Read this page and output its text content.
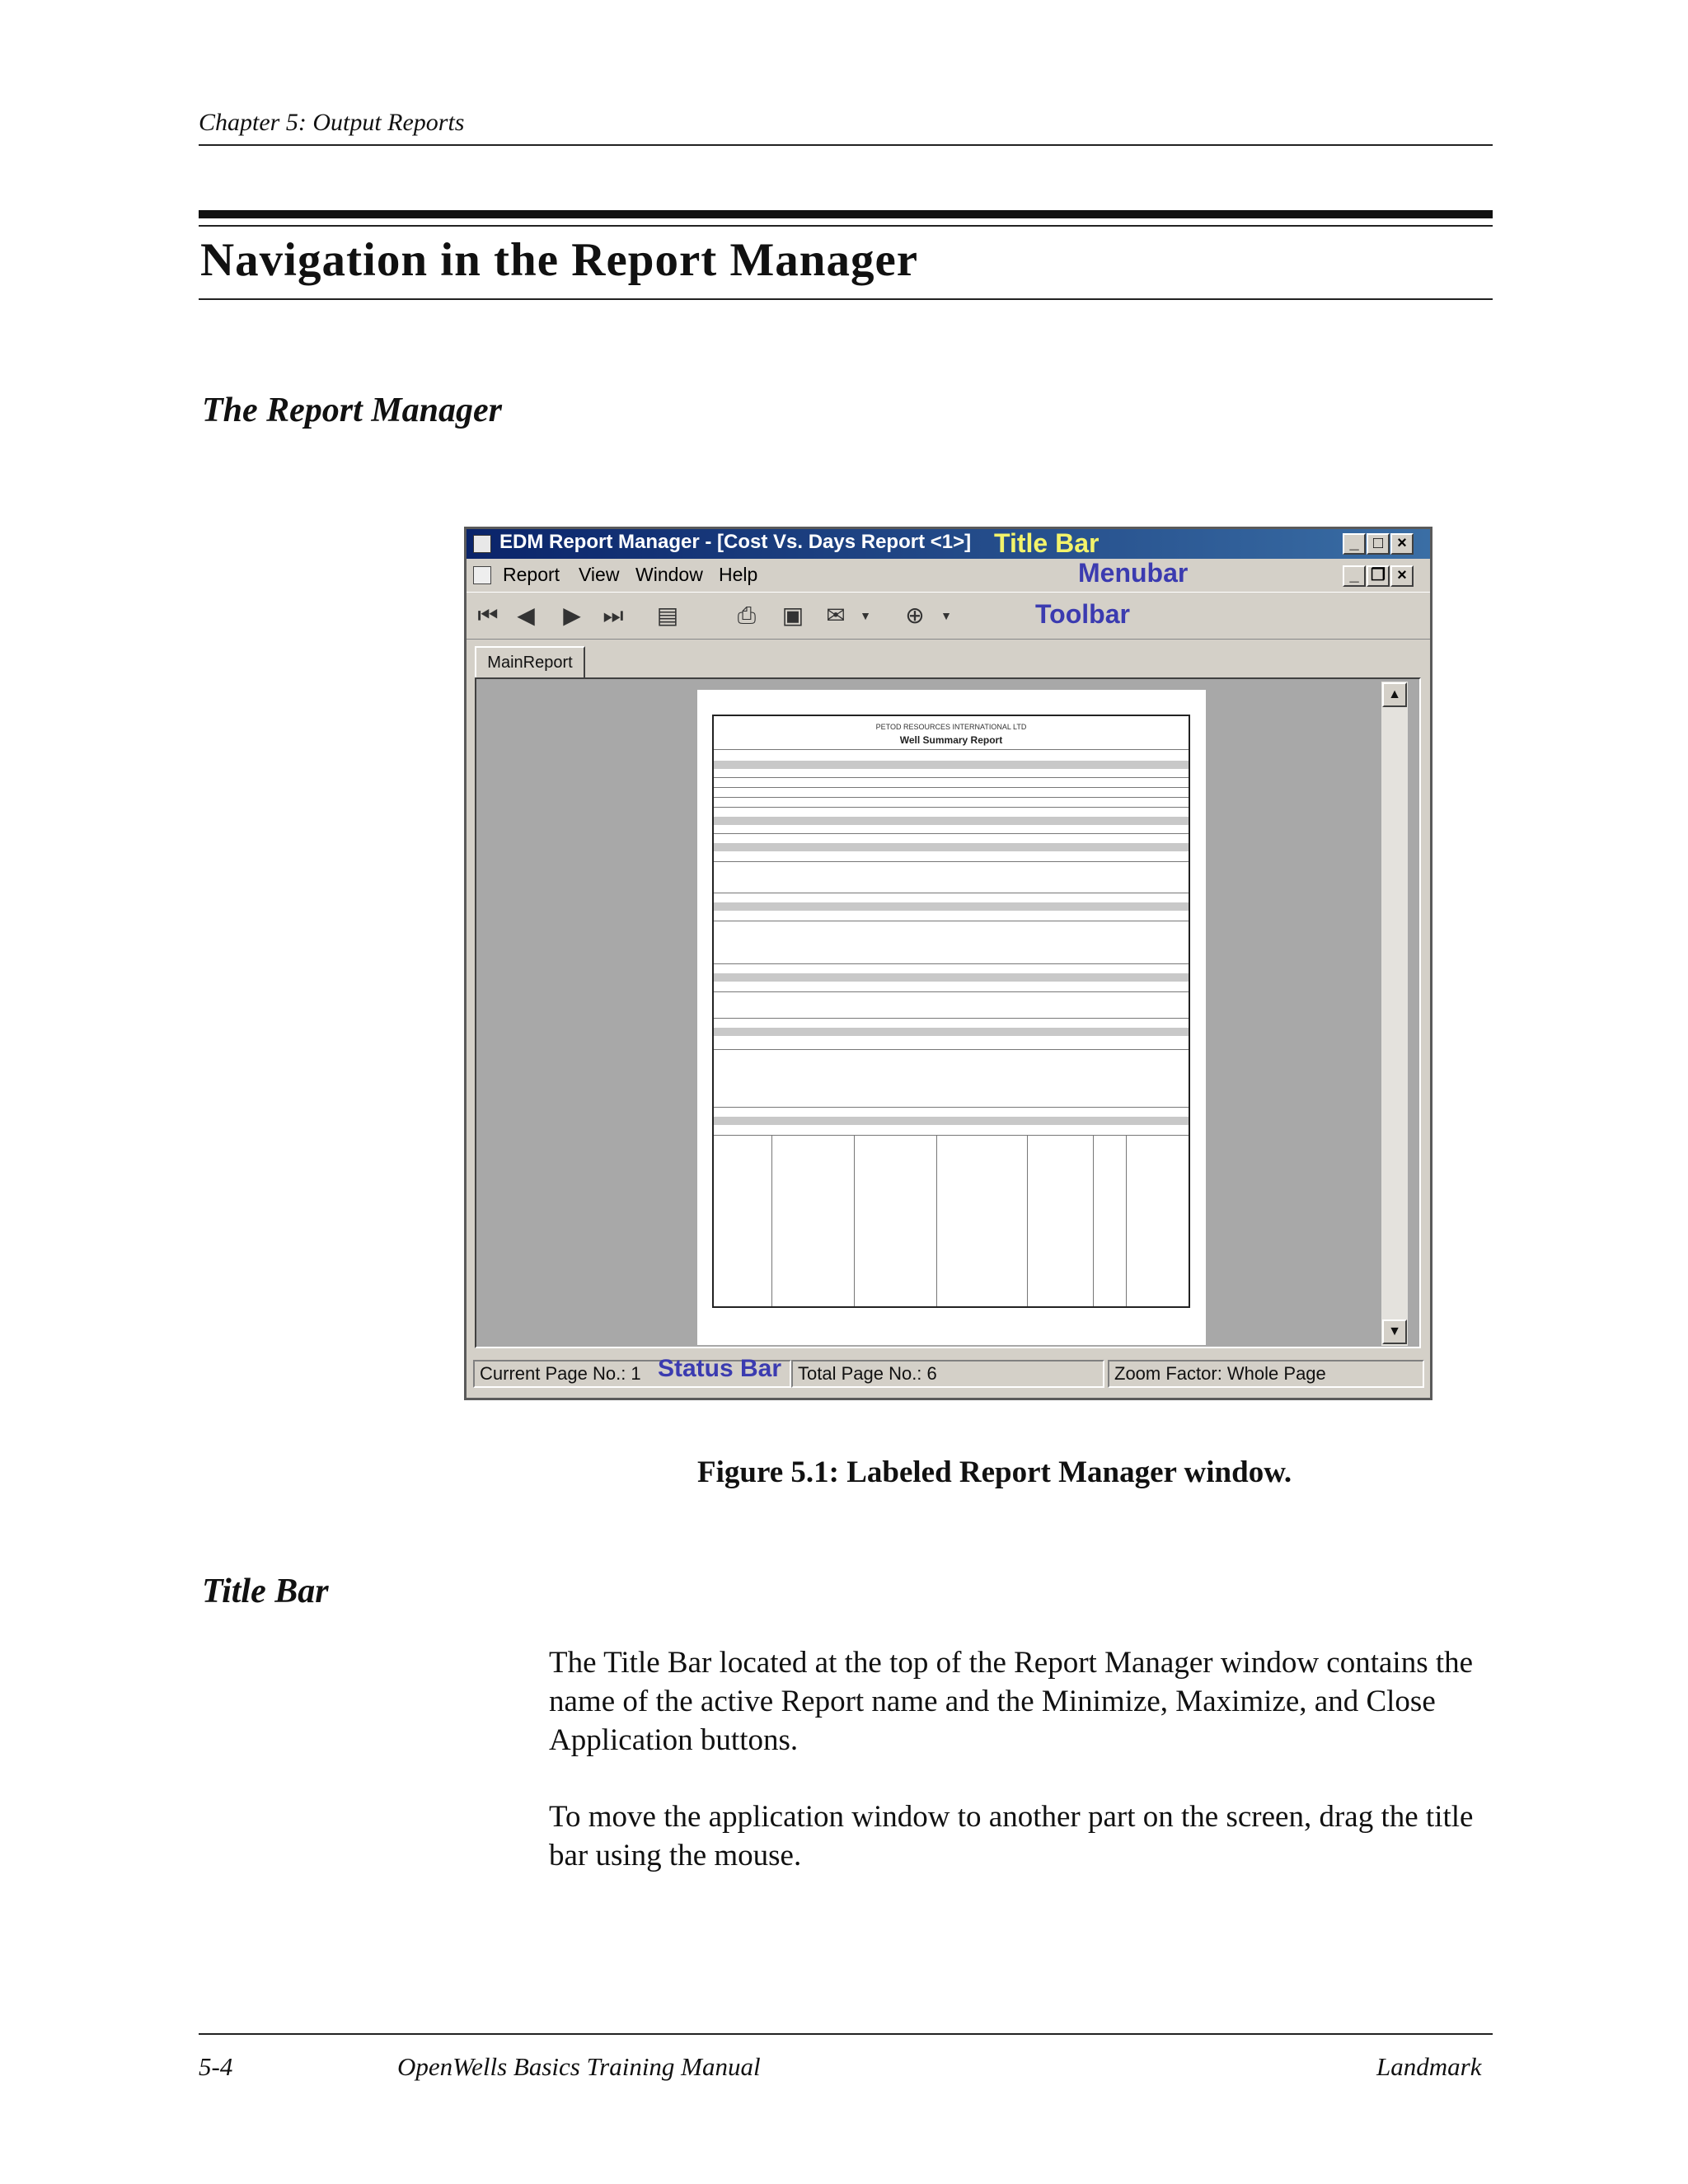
Chapter 5: Output Reports
Navigation in the Report Manager
The Report Manager
EDM Report Manager - [Cost Vs. Days Report <1>] Title Bar	_ □ ×
Report View Window Help	Menubar	_ ❐ ×
⏮ ◀ ▶ ⏭ ▤	⎙ ▣ ✉	▼	⊕	▼	Toolbar
MainReport
PETOD RESOURCES INTERNATIONAL LTD
Well Summary Report
▲
▼
Current Page No.: 1 Status Bar Total Page No.: 6	Zoom Factor: Whole Page
Figure 5.1: Labeled Report Manager window.
Title Bar
The Title Bar located at the top of the Report Manager window contains the name of the active Report name and the Minimize, Maximize, and Close Application buttons.
To move the application window to another part on the screen, drag the title bar using the mouse.
5-4	OpenWells Basics Training Manual	Landmark
